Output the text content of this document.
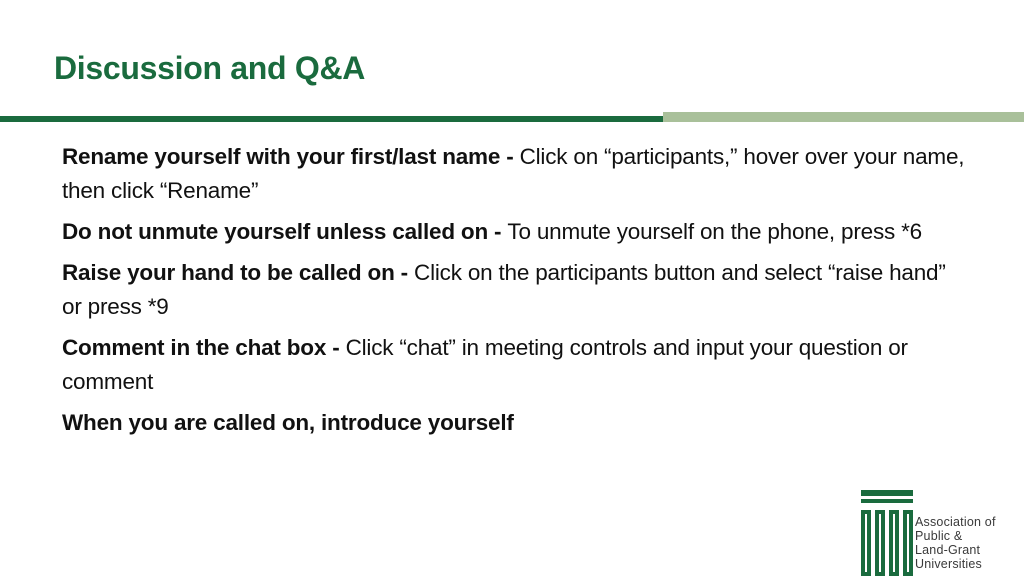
Discussion and Q&A
Rename yourself with your first/last name - Click on “participants,” hover over your name, then click “Rename”
Do not unmute yourself unless called on - To unmute yourself on the phone, press *6
Raise your hand to be called on - Click on the participants button and select “raise hand” or press *9
Comment in the chat box - Click “chat” in meeting controls and input your question or comment
When you are called on, introduce yourself
Association of
Public &
Land-Grant
Universities
